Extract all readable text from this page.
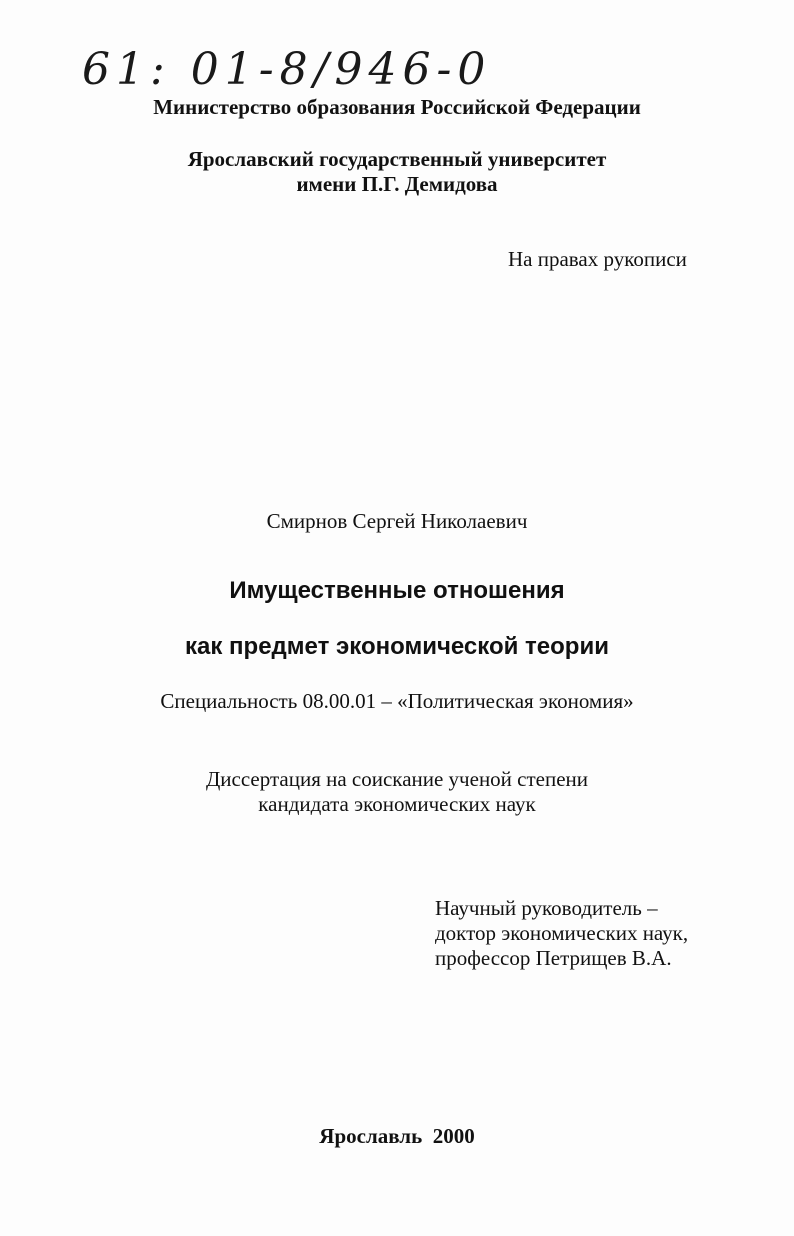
61: 01-8/946-0
Министерство образования Российской Федерации
Ярославский государственный университет
имени П.Г. Демидова
На правах рукописи
Смирнов Сергей Николаевич
Имущественные отношения
как предмет экономической теории
Специальность 08.00.01 – «Политическая экономия»
Диссертация на соискание ученой степени
кандидата экономических наук
Научный руководитель –
доктор экономических наук,
профессор Петрищев В.А.
Ярославль  2000
